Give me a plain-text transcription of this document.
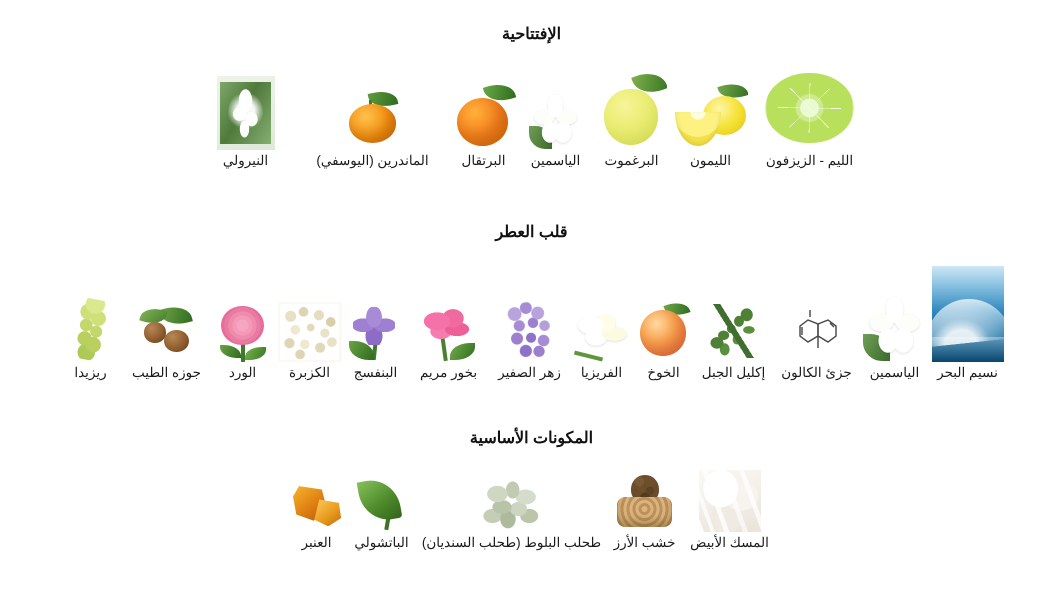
الإفتتاحية
النيرولي	الماندرين (اليوسفي) البرتقال الياسمين البرغموت الليمون	الليم - الزيزفون
قلب العطر
ريزيدا جوزه الطيب الورد الكزبرة البنفسج بخور مريم زهر الصفير الفريزيا الخوخ إكليل الجبل جزئ الكالون الياسمين نسيم البحر
المكونات الأساسية
العنبر الباتشولي طحلب البلوط (طحلب السنديان) خشب الأرز المسك الأبيض
